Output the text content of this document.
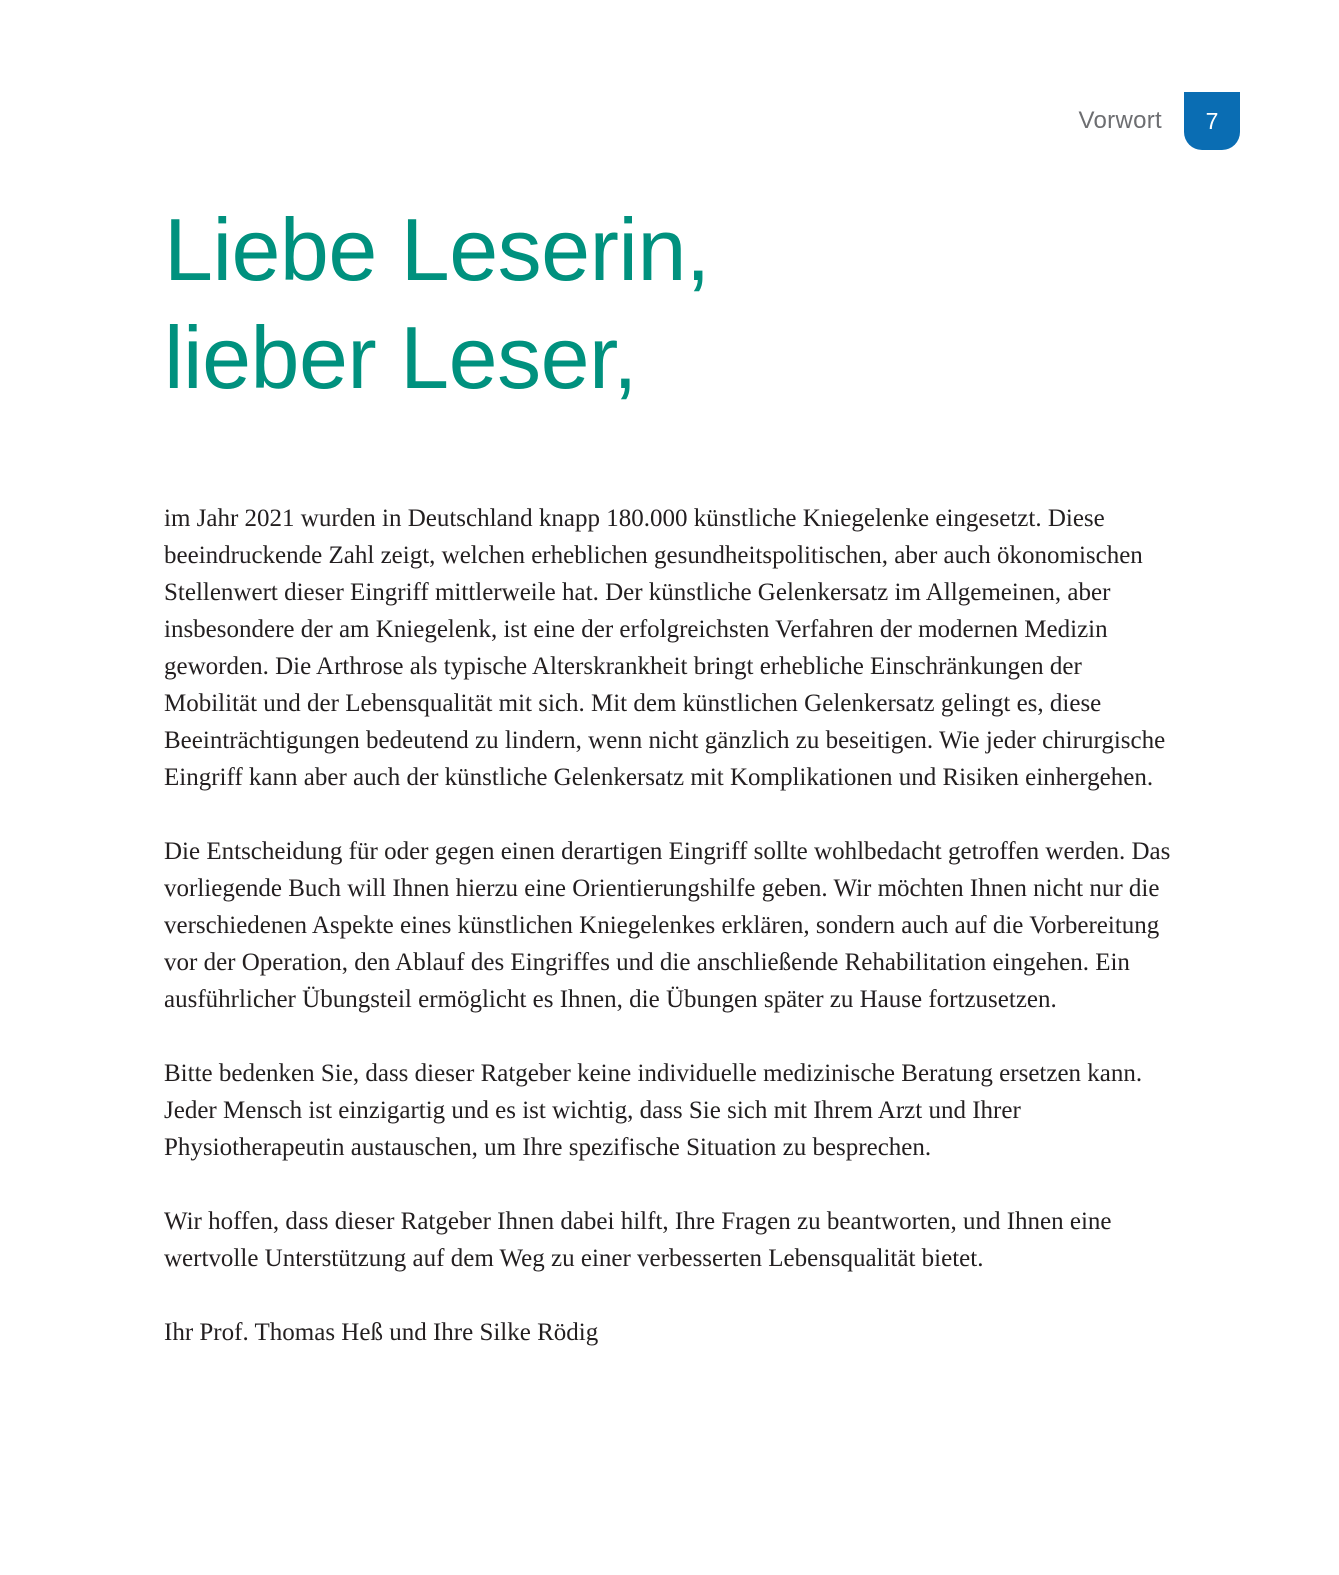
Vorwort 7
Liebe Leserin,
lieber Leser,

im Jahr 2021 wurden in Deutschland knapp 180.000 künstliche Kniegelenke eingesetzt. Diese beeindruckende Zahl zeigt, welchen erheblichen gesundheitspolitischen, aber auch ökonomischen Stellenwert dieser Eingriff mittlerweile hat. Der künstliche Gelenkersatz im Allgemeinen, aber insbesondere der am Kniegelenk, ist eine der erfolgreichsten Verfahren der modernen Medizin geworden. Die Arthrose als typische Alterskrankheit bringt erhebliche Einschränkungen der Mobilität und der Lebensqualität mit sich. Mit dem künstlichen Gelenkersatz gelingt es, diese Beeinträchtigungen bedeutend zu lindern, wenn nicht gänzlich zu beseitigen. Wie jeder chirurgische Eingriff kann aber auch der künstliche Gelenkersatz mit Komplikationen und Risiken einhergehen.

Die Entscheidung für oder gegen einen derartigen Eingriff sollte wohlbedacht getroffen werden. Das vorliegende Buch will Ihnen hierzu eine Orientierungshilfe geben. Wir möchten Ihnen nicht nur die verschiedenen Aspekte eines künstlichen Kniegelenkes erklären, sondern auch auf die Vorbereitung vor der Operation, den Ablauf des Eingriffes und die anschließende Rehabilitation eingehen. Ein ausführlicher Übungsteil ermöglicht es Ihnen, die Übungen später zu Hause fortzusetzen.

Bitte bedenken Sie, dass dieser Ratgeber keine individuelle medizinische Beratung ersetzen kann. Jeder Mensch ist einzigartig und es ist wichtig, dass Sie sich mit Ihrem Arzt und Ihrer Physiotherapeutin austauschen, um Ihre spezifische Situation zu besprechen.

Wir hoffen, dass dieser Ratgeber Ihnen dabei hilft, Ihre Fragen zu beantworten, und Ihnen eine wertvolle Unterstützung auf dem Weg zu einer verbesserten Lebensqualität bietet.

Ihr Prof. Thomas Heß und Ihre Silke Rödig
